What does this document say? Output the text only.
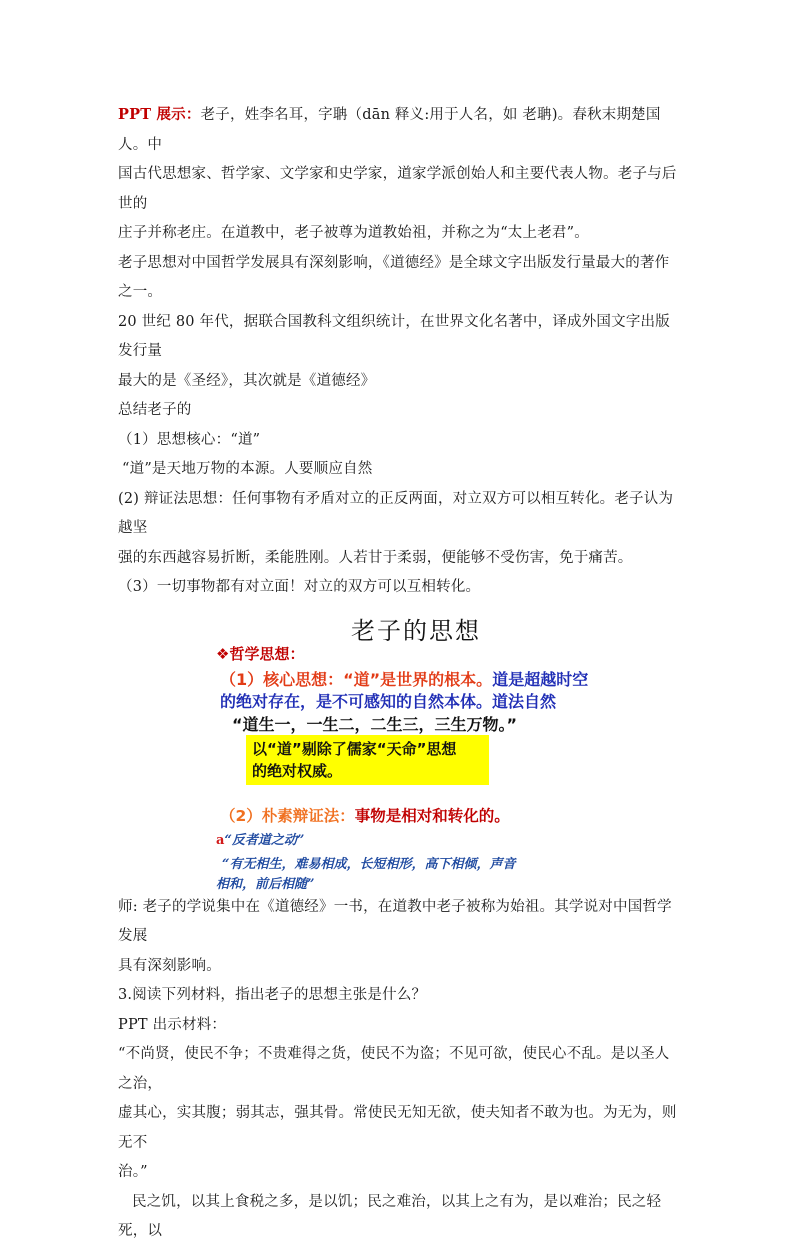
PPT 展示：老子，姓李名耳，字聃（dān 释义:用于人名，如 老聃)。春秋末期楚国人。中

国古代思想家、哲学家、文学家和史学家，道家学派创始人和主要代表人物。老子与后世的

庄子并称老庄。在道教中，老子被尊为道教始祖，并称之为“太上老君”。

老子思想对中国哲学发展具有深刻影响，《道德经》是全球文字出版发行量最大的著作之一。

20 世纪 80 年代，据联合国教科文组织统计，在世界文化名著中，译成外国文字出版发行量

最大的是《圣经》，其次就是《道德经》

总结老子的

（1）思想核心：“道”

“道”是天地万物的本源。人要顺应自然

(2) 辩证法思想：任何事物有矛盾对立的正反两面，对立双方可以相互转化。老子认为越坚

强的东西越容易折断，柔能胜刚。人若甘于柔弱，便能够不受伤害，免于痛苦。

（3）一切事物都有对立面！对立的双方可以互相转化。

老子的思想
❖哲学思想：
（1）核心思想：“道”是世界的根本。道是超越时空
的绝对存在，是不可感知的自然本体。道法自然
“道生一，一生二，二生三，三生万物。”
以“道”剔除了儒家“天命”思想
的绝对权威。
（2）朴素辩证法：事物是相对和转化的。
a“反者道之动”
“有无相生，难易相成，长短相形，高下相倾，声音
相和，前后相随”

师: 老子的学说集中在《道德经》一书，在道教中老子被称为始祖。其学说对中国哲学发展

具有深刻影响。

3.阅读下列材料，指出老子的思想主张是什么？

PPT 出示材料：

“不尚贤，使民不争；不贵难得之货，使民不为盗；不见可欲，使民心不乱。是以圣人之治，

虚其心，实其腹；弱其志，强其骨。常使民无知无欲，使夫知者不敢为也。为无为，则无不

治。”

民之饥，以其上食税之多，是以饥；民之难治，以其上之有为，是以难治；民之轻死，以
